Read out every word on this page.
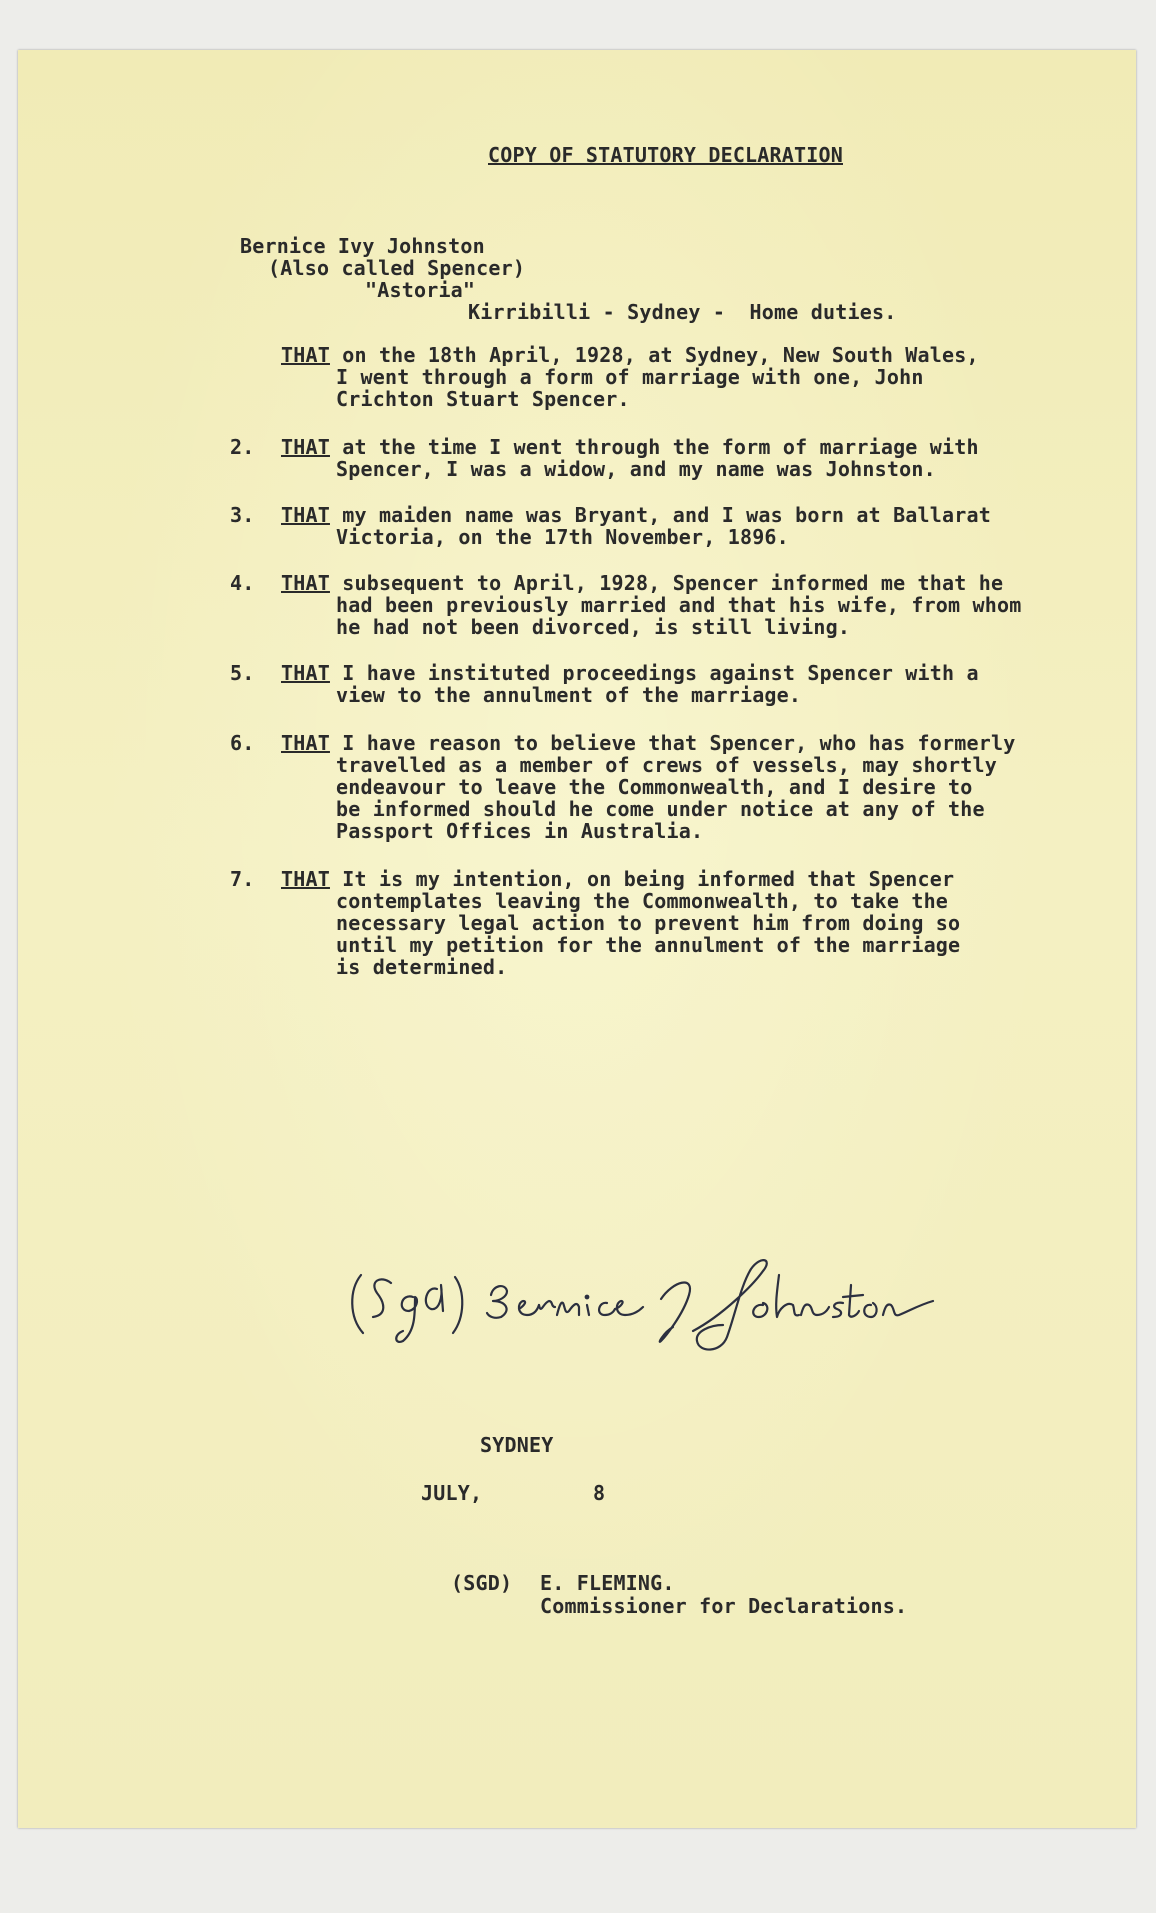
COPY OF STATUTORY DECLARATION
Bernice Ivy Johnston
(Also called Spencer)
"Astoria"
Kirribilli - Sydney -  Home duties.
THAT on the 18th April, 1928, at Sydney, New South Wales,
I went through a form of marriage with one, John
Crichton Stuart Spencer.
2. THAT at the time I went through the form of marriage with
Spencer, I was a widow, and my name was Johnston.
3. THAT my maiden name was Bryant, and I was born at Ballarat
Victoria, on the 17th November, 1896.
4. THAT subsequent to April, 1928, Spencer informed me that he
had been previously married and that his wife, from whom
he had not been divorced, is still living.
5. THAT I have instituted proceedings against Spencer with a
view to the annulment of the marriage.
6. THAT I have reason to believe that Spencer, who has formerly
travelled as a member of crews of vessels, may shortly
endeavour to leave the Commonwealth, and I desire to
be informed should he come under notice at any of the
Passport Offices in Australia.
7. THAT It is my intention, on being informed that Spencer
contemplates leaving the Commonwealth, to take the
necessary legal action to prevent him from doing so
until my petition for the annulment of the marriage
is determined.
SYDNEY
JULY,	8
(SGD) E. FLEMING.
Commissioner for Declarations.
